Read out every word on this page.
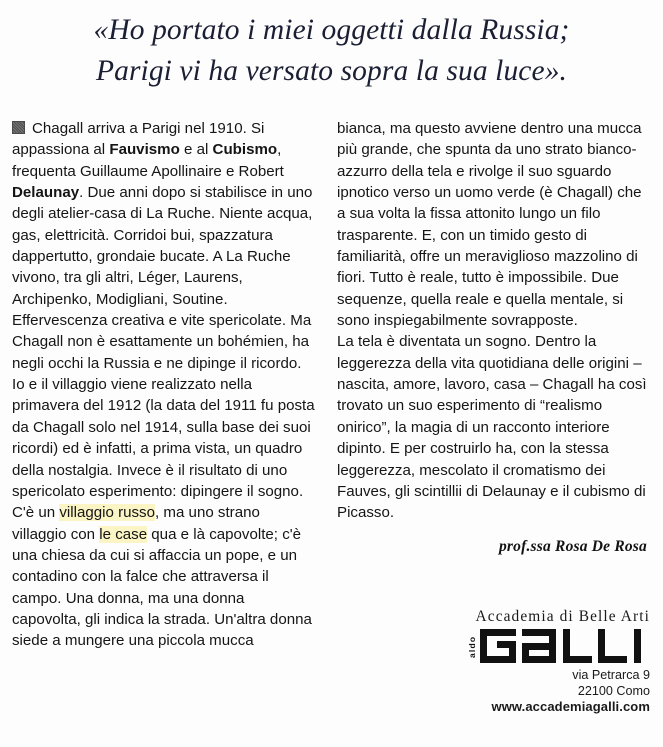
«Ho portato i miei oggetti dalla Russia;
Parigi vi ha versato sopra la sua luce».

Chagall arriva a Parigi nel 1910. Si appassiona al Fauvismo e al Cubismo, frequenta Guillaume Apollinaire e Robert Delaunay. Due anni dopo si stabilisce in uno degli atelier-casa di La Ruche. Niente acqua, gas, elettricità. Corridoi bui, spazzatura dappertutto, grondaie bucate. A La Ruche vivono, tra gli altri, Léger, Laurens, Archipenko, Modigliani, Soutine. Effervescenza creativa e vite spericolate. Ma Chagall non è esattamente un bohémien, ha negli occhi la Russia e ne dipinge il ricordo. Io e il villaggio viene realizzato nella primavera del 1912 (la data del 1911 fu posta da Chagall solo nel 1914, sulla base dei suoi ricordi) ed è infatti, a prima vista, un quadro della nostalgia. Invece è il risultato di uno spericolato esperimento: dipingere il sogno. C'è un villaggio russo, ma uno strano villaggio con le case qua e là capovolte; c'è una chiesa da cui si affaccia un pope, e un contadino con la falce che attraversa il campo. Una donna, ma una donna capovolta, gli indica la strada. Un'altra donna siede a mungere una piccola mucca

bianca, ma questo avviene dentro una mucca più grande, che spunta da uno strato bianco-azzurro della tela e rivolge il suo sguardo ipnotico verso un uomo verde (è Chagall) che a sua volta la fissa attonito lungo un filo trasparente. E, con un timido gesto di familiarità, offre un meraviglioso mazzolino di fiori. Tutto è reale, tutto è impossibile. Due sequenze, quella reale e quella mentale, si sono inspiegabilmente sovrapposte.

La tela è diventata un sogno. Dentro la leggerezza della vita quotidiana delle origini – nascita, amore, lavoro, casa – Chagall ha così trovato un suo esperimento di “realismo onirico”, la magia di un racconto interiore dipinto. E per costruirlo ha, con la stessa leggerezza, mescolato il cromatismo dei Fauves, gli scintillii di Delaunay e il cubismo di Picasso.

prof.ssa Rosa De Rosa
Accademia di Belle Arti
aldo
via Petrarca 9
22100 Como
www.accademiagalli.com
